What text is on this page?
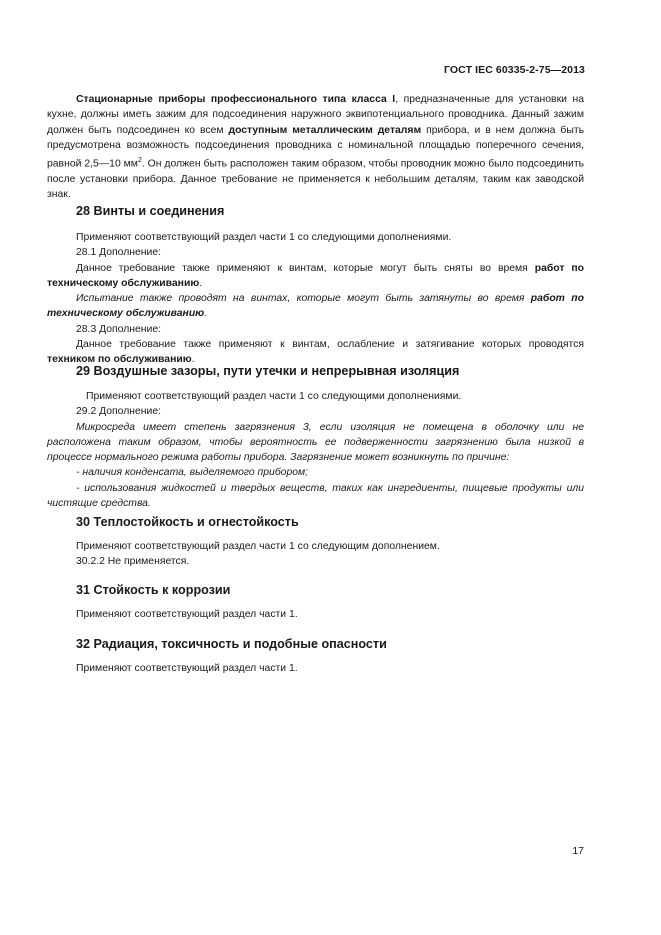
ГОСТ IEC 60335-2-75—2013

Стационарные приборы профессионального типа класса I, предназначенные для установки на кухне, должны иметь зажим для подсоединения наружного эквипотенциального проводника. Данный зажим должен быть подсоединен ко всем доступным металлическим деталям прибора, и в нем должна быть предусмотрена возможность подсоединения проводника с номинальной площадью поперечного сечения, равной 2,5—10 $мм^2$. Он должен быть расположен таким образом, чтобы проводник можно было подсоединить после установки прибора. Данное требование не применяется к небольшим деталям, таким как заводской знак.

28 Винты и соединения

Применяют соответствующий раздел части 1 со следующими дополнениями.

28.1 Дополнение:

Данное требование также применяют к винтам, которые могут быть сняты во время работ по техническому обслуживанию.

Испытание также проводят на винтах, которые могут быть затянуты во время работ по техническому обслуживанию.

28.3 Дополнение:

Данное требование также применяют к винтам, ослабление и затягивание которых проводятся техником по обслуживанию.

29 Воздушные зазоры, пути утечки и непрерывная изоляция

Применяют соответствующий раздел части 1 со следующими дополнениями.

29.2 Дополнение:

Микросреда имеет степень загрязнения 3, если изоляция не помещена в оболочку или не расположена таким образом, чтобы вероятность ее подверженности загрязнению была низкой в процессе нормального режима работы прибора. Загрязнение может возникнуть по причине:

- наличия конденсата, выделяемого прибором;

- использования жидкостей и твердых веществ, таких как ингредиенты, пищевые продукты или чистящие средства.

30 Теплостойкость и огнестойкость

Применяют соответствующий раздел части 1 со следующим дополнением.

30.2.2 Не применяется.

31 Стойкость к коррозии

Применяют соответствующий раздел части 1.

32 Радиация, токсичность и подобные опасности

Применяют соответствующий раздел части 1.

17
